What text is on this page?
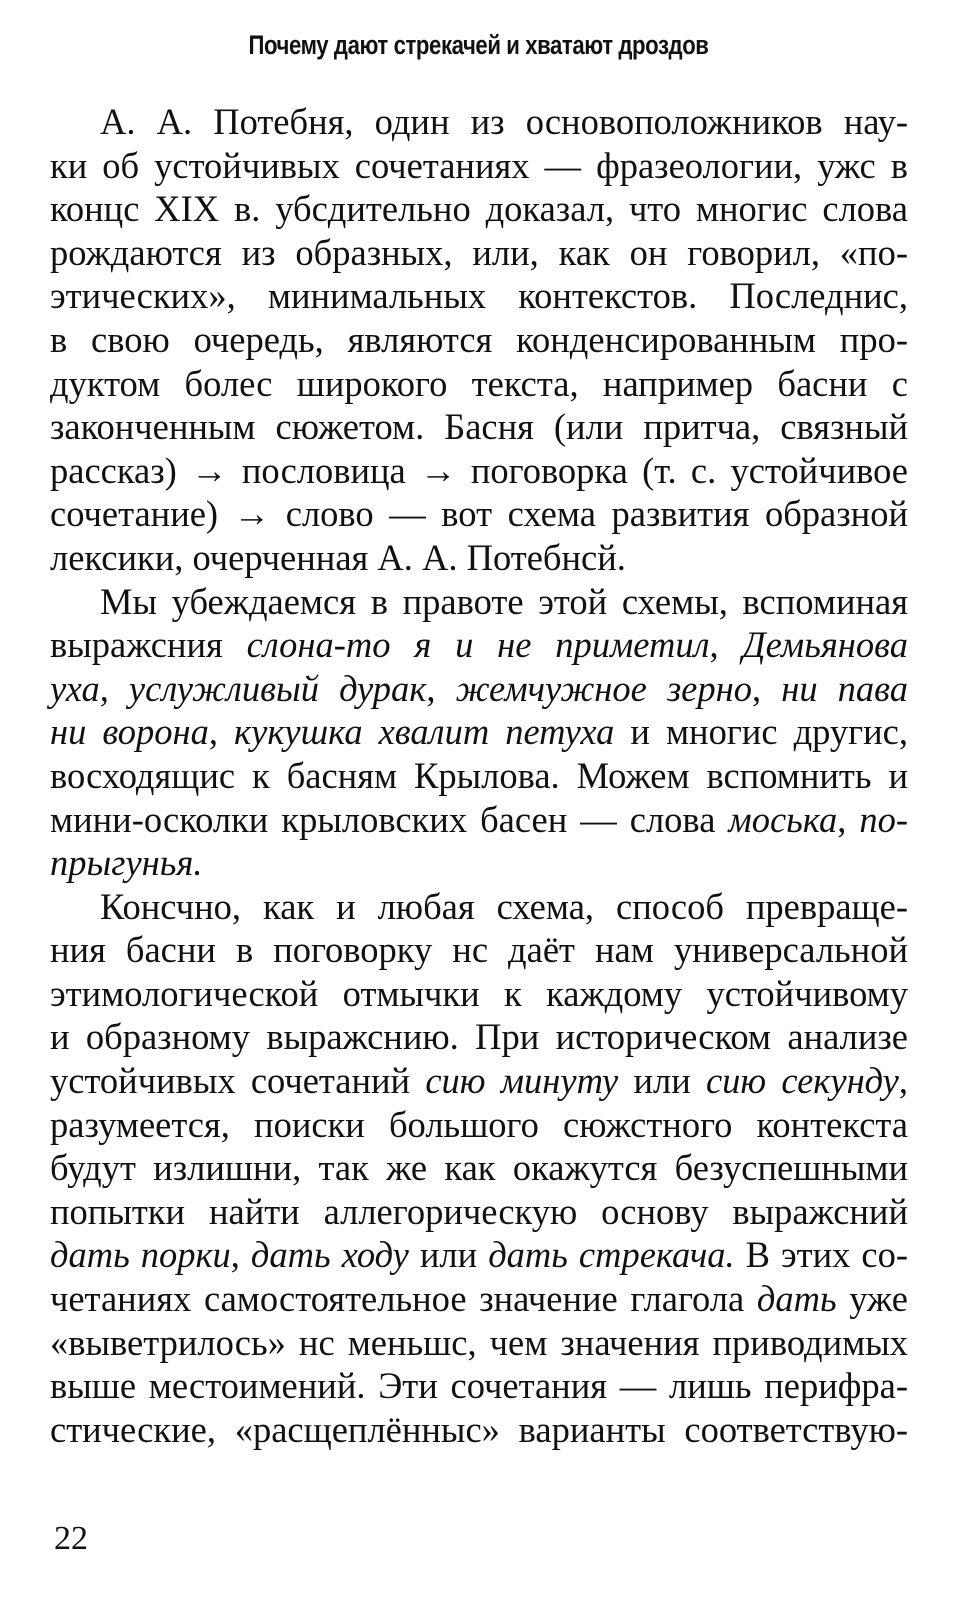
Почему дают стрекачей и хватают дроздов
А. А. Потебня, один из основоположников нау-
ки об устойчивых сочетаниях — фразеологии, ужс в
концс XIX в. убсдительно доказал, что многис слова
рождаются из образных, или, как он говорил, «по-
этических», минимальных контекстов. Последнис,
в свою очередь, являются конденсированным про-
дуктом болес широкого текста, например басни с
законченным сюжетом. Басня (или притча, связный
рассказ) → пословица → поговорка (т. с. устойчивое
сочетание) → слово — вот схема развития образной
лексики, очерченная А. А. Потебнсй.
Мы убеждаемся в правоте этой схемы, вспоминая
выражсния слона-то я и не приметил, Демьянова
уха, услужливый дурак, жемчужное зерно, ни пава
ни ворона, кукушка хвалит петуха и многис другис,
восходящис к басням Крылова. Можем вспомнить и
мини-осколки крыловских басен — слова моська, по-
прыгунья.
Консчно, как и любая схема, способ превраще-
ния басни в поговорку нс даёт нам универсальной
этимологической отмычки к каждому устойчивому
и образному выражснию. При историческом анализе
устойчивых сочетаний сию минуту или сию секунду,
разумеется, поиски большого сюжстного контекста
будут излишни, так же как окажутся безуспешными
попытки найти аллегорическую основу выражсний
дать порки, дать ходу или дать стрекача. В этих со-
четаниях самостоятельное значение глагола дать уже
«выветрилось» нс меньшс, чем значения приводимых
выше местоимений. Эти сочетания — лишь перифра-
стические, «расщеплённыс» варианты соответствую-
22
